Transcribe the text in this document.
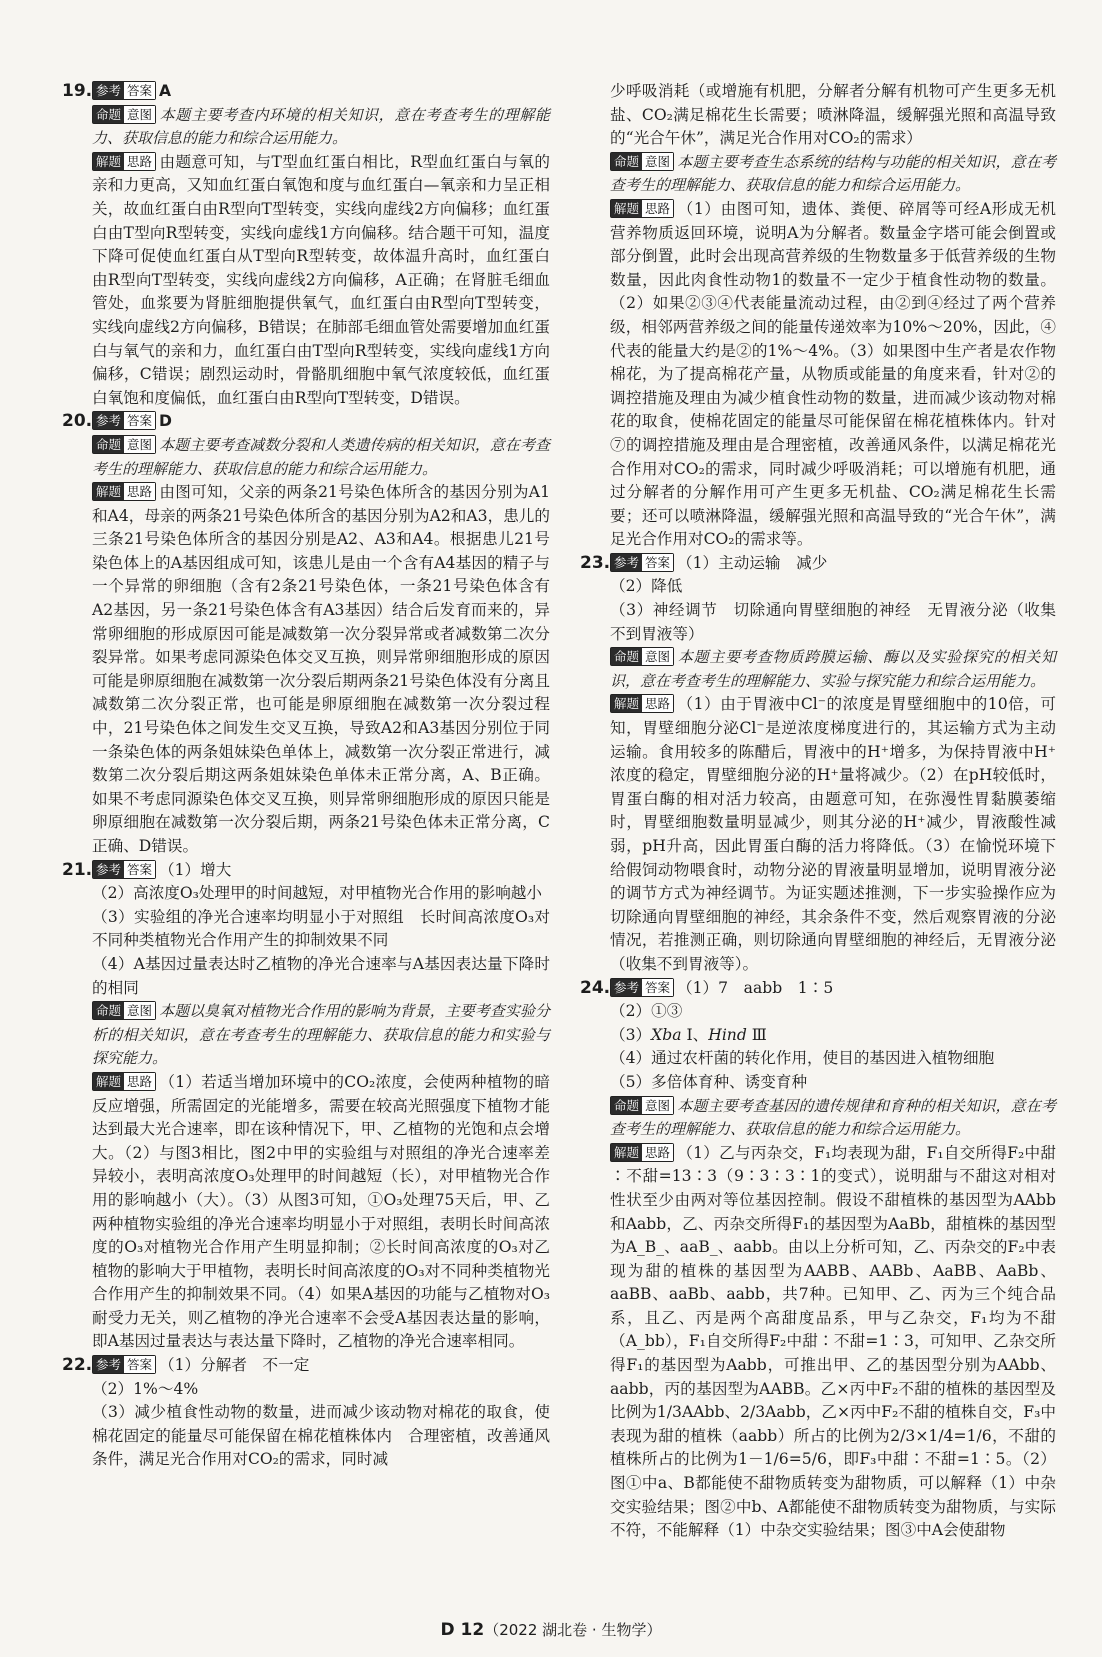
19. 参考 答案 A

命题 意图 本题主要考查内环境的相关知识，意在考查考生的理解能力、获取信息的能力和综合运用能力。

解题 思路 由题意可知，与T型血红蛋白相比，R型血红蛋白与氧的亲和力更高，又知血红蛋白氧饱和度与血红蛋白—氧亲和力呈正相关，故血红蛋白由R型向T型转变，实线向虚线2方向偏移；血红蛋白由T型向R型转变，实线向虚线1方向偏移。结合题干可知，温度下降可促使血红蛋白从T型向R型转变，故体温升高时，血红蛋白由R型向T型转变，实线向虚线2方向偏移，A正确；在肾脏毛细血管处，血浆要为肾脏细胞提供氧气，血红蛋白由R型向T型转变，实线向虚线2方向偏移，B错误；在肺部毛细血管处需要增加血红蛋白与氧气的亲和力，血红蛋白由T型向R型转变，实线向虚线1方向偏移，C错误；剧烈运动时，骨骼肌细胞中氧气浓度较低，血红蛋白氧饱和度偏低，血红蛋白由R型向T型转变，D错误。

20. 参考 答案 D

命题 意图 本题主要考查减数分裂和人类遗传病的相关知识，意在考查考生的理解能力、获取信息的能力和综合运用能力。

解题 思路 由图可知，父亲的两条21号染色体所含的基因分别为A1和A4，母亲的两条21号染色体所含的基因分别为A2和A3，患儿的三条21号染色体所含的基因分别是A2、A3和A4。根据患儿21号染色体上的A基因组成可知，该患儿是由一个含有A4基因的精子与一个异常的卵细胞（含有2条21号染色体，一条21号染色体含有A2基因，另一条21号染色体含有A3基因）结合后发育而来的，异常卵细胞的形成原因可能是减数第一次分裂异常或者减数第二次分裂异常。如果考虑同源染色体交叉互换，则异常卵细胞形成的原因可能是卵原细胞在减数第一次分裂后期两条21号染色体没有分离且减数第二次分裂正常，也可能是卵原细胞在减数第一次分裂过程中，21号染色体之间发生交叉互换，导致A2和A3基因分别位于同一条染色体的两条姐妹染色单体上，减数第一次分裂正常进行，减数第二次分裂后期这两条姐妹染色单体未正常分离，A、B正确。如果不考虑同源染色体交叉互换，则异常卵细胞形成的原因只能是卵原细胞在减数第一次分裂后期，两条21号染色体未正常分离，C正确、D错误。

21. 参考 答案 （1）增大

（2）高浓度O₃处理甲的时间越短，对甲植物光合作用的影响越小

（3）实验组的净光合速率均明显小于对照组　长时间高浓度O₃对不同种类植物光合作用产生的抑制效果不同

（4）A基因过量表达时乙植物的净光合速率与A基因表达量下降时的相同

命题 意图 本题以臭氧对植物光合作用的影响为背景，主要考查实验分析的相关知识，意在考查考生的理解能力、获取信息的能力和实验与探究能力。

解题 思路 （1）若适当增加环境中的CO₂浓度，会使两种植物的暗反应增强，所需固定的光能增多，需要在较高光照强度下植物才能达到最大光合速率，即在该种情况下，甲、乙植物的光饱和点会增大。（2）与图3相比，图2中甲的实验组与对照组的净光合速率差异较小，表明高浓度O₃处理甲的时间越短（长），对甲植物光合作用的影响越小（大）。（3）从图3可知，①O₃处理75天后，甲、乙两种植物实验组的净光合速率均明显小于对照组，表明长时间高浓度的O₃对植物光合作用产生明显抑制；②长时间高浓度的O₃对乙植物的影响大于甲植物，表明长时间高浓度的O₃对不同种类植物光合作用产生的抑制效果不同。（4）如果A基因的功能与乙植物对O₃耐受力无关，则乙植物的净光合速率不会受A基因表达量的影响，即A基因过量表达与表达量下降时，乙植物的净光合速率相同。

22. 参考 答案 （1）分解者　不一定

（2）1%～4%

（3）减少植食性动物的数量，进而减少该动物对棉花的取食，使棉花固定的能量尽可能保留在棉花植株体内　合理密植，改善通风条件，满足光合作用对CO₂的需求，同时减

少呼吸消耗（或增施有机肥，分解者分解有机物可产生更多无机盐、CO₂满足棉花生长需要；喷淋降温，缓解强光照和高温导致的“光合午休”，满足光合作用对CO₂的需求）

命题 意图 本题主要考查生态系统的结构与功能的相关知识，意在考查考生的理解能力、获取信息的能力和综合运用能力。

解题 思路 （1）由图可知，遗体、粪便、碎屑等可经A形成无机营养物质返回环境，说明A为分解者。数量金字塔可能会倒置或部分倒置，此时会出现高营养级的生物数量多于低营养级的生物数量，因此肉食性动物1的数量不一定少于植食性动物的数量。（2）如果②③④代表能量流动过程，由②到④经过了两个营养级，相邻两营养级之间的能量传递效率为10%～20%，因此，④代表的能量大约是②的1%～4%。（3）如果图中生产者是农作物棉花，为了提高棉花产量，从物质或能量的角度来看，针对②的调控措施及理由为减少植食性动物的数量，进而减少该动物对棉花的取食，使棉花固定的能量尽可能保留在棉花植株体内。针对⑦的调控措施及理由是合理密植，改善通风条件，以满足棉花光合作用对CO₂的需求，同时减少呼吸消耗；可以增施有机肥，通过分解者的分解作用可产生更多无机盐、CO₂满足棉花生长需要；还可以喷淋降温，缓解强光照和高温导致的“光合午休”，满足光合作用对CO₂的需求等。

23. 参考 答案 （1）主动运输　减少

（2）降低

（3）神经调节　切除通向胃壁细胞的神经　无胃液分泌（收集不到胃液等）

命题 意图 本题主要考查物质跨膜运输、酶以及实验探究的相关知识，意在考查考生的理解能力、实验与探究能力和综合运用能力。

解题 思路 （1）由于胃液中Cl⁻的浓度是胃壁细胞中的10倍，可知，胃壁细胞分泌Cl⁻是逆浓度梯度进行的，其运输方式为主动运输。食用较多的陈醋后，胃液中的H⁺增多，为保持胃液中H⁺浓度的稳定，胃壁细胞分泌的H⁺量将减少。（2）在pH较低时，胃蛋白酶的相对活力较高，由题意可知，在弥漫性胃黏膜萎缩时，胃壁细胞数量明显减少，则其分泌的H⁺减少，胃液酸性减弱，pH升高，因此胃蛋白酶的活力将降低。（3）在愉悦环境下给假饲动物喂食时，动物分泌的胃液量明显增加，说明胃液分泌的调节方式为神经调节。为证实题述推测，下一步实验操作应为切除通向胃壁细胞的神经，其余条件不变，然后观察胃液的分泌情况，若推测正确，则切除通向胃壁细胞的神经后，无胃液分泌（收集不到胃液等）。

24. 参考 答案 （1）7　aabb　1∶5

（2）①③

（3）Xba Ⅰ、Hind Ⅲ

（4）通过农杆菌的转化作用，使目的基因进入植物细胞

（5）多倍体育种、诱变育种

命题 意图 本题主要考查基因的遗传规律和育种的相关知识，意在考查考生的理解能力、获取信息的能力和综合运用能力。

解题 思路 （1）乙与丙杂交，F₁均表现为甜，F₁自交所得F₂中甜∶不甜=13∶3（9∶3∶3∶1的变式），说明甜与不甜这对相对性状至少由两对等位基因控制。假设不甜植株的基因型为AAbb和Aabb，乙、丙杂交所得F₁的基因型为AaBb，甜植株的基因型为A_B_、aaB_、aabb。由以上分析可知，乙、丙杂交的F₂中表现为甜的植株的基因型为AABB、AABb、AaBB、AaBb、aaBB、aaBb、aabb，共7种。已知甲、乙、丙为三个纯合品系，且乙、丙是两个高甜度品系，甲与乙杂交，F₁均为不甜（A_bb），F₁自交所得F₂中甜∶不甜=1∶3，可知甲、乙杂交所得F₁的基因型为Aabb，可推出甲、乙的基因型分别为AAbb、aabb，丙的基因型为AABB。乙×丙中F₂不甜的植株的基因型及比例为1/3AAbb、2/3Aabb，乙×丙中F₂不甜的植株自交，F₃中表现为甜的植株（aabb）所占的比例为2/3×1/4=1/6，不甜的植株所占的比例为1－1/6=5/6，即F₃中甜∶不甜=1∶5。（2）图①中a、B都能使不甜物质转变为甜物质，可以解释（1）中杂交实验结果；图②中b、A都能使不甜物质转变为甜物质，与实际不符，不能解释（1）中杂交实验结果；图③中A会使甜物

D 12（2022 湖北卷 · 生物学）
